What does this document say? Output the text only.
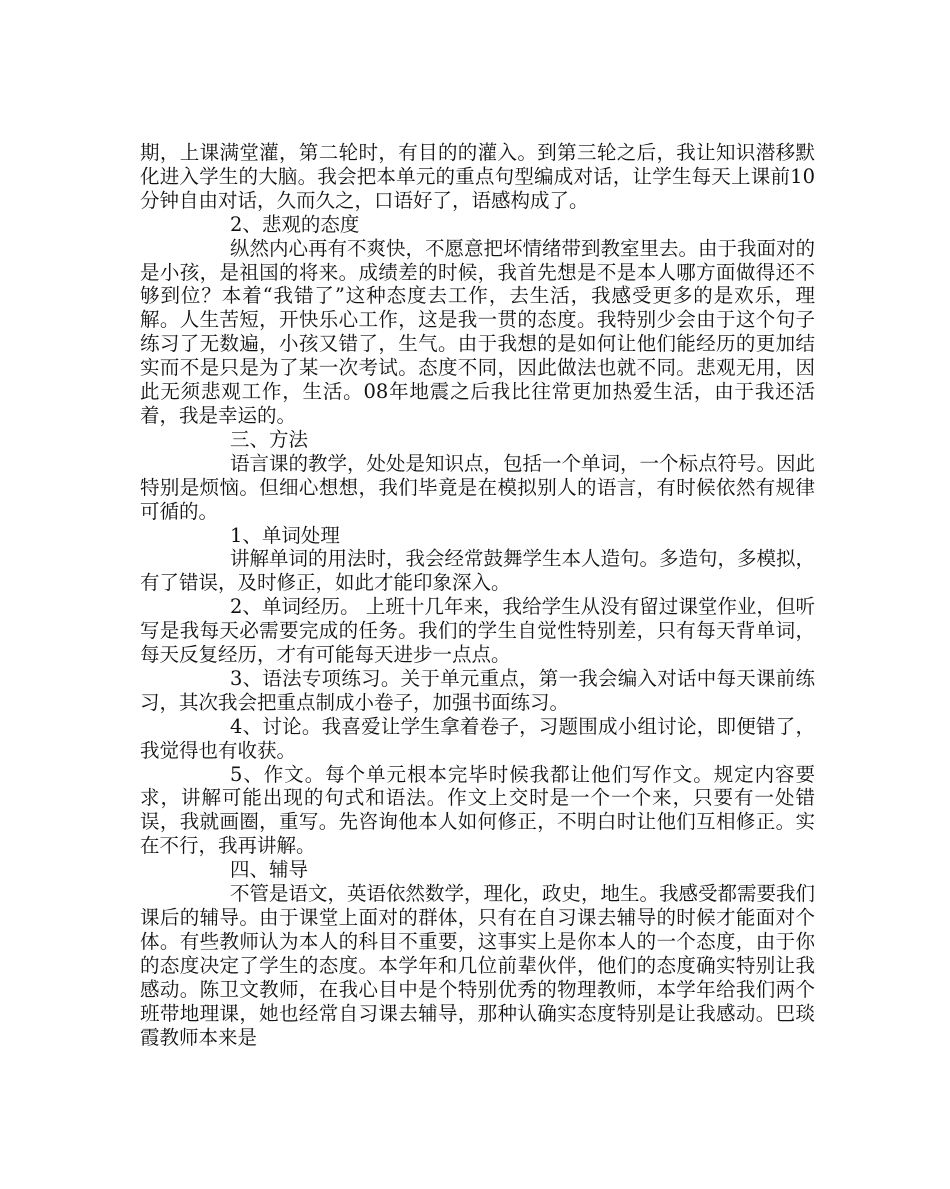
期，上课满堂灌，第二轮时，有目的的灌入。到第三轮之后，我让知识潜移默化进入学生的大脑。我会把本单元的重点句型编成对话，让学生每天上课前10分钟自由对话，久而久之，口语好了，语感构成了。

2、悲观的态度

纵然内心再有不爽快，不愿意把坏情绪带到教室里去。由于我面对的是小孩，是祖国的将来。成绩差的时候，我首先想是不是本人哪方面做得还不够到位？本着“我错了”这种态度去工作，去生活，我感受更多的是欢乐，理解。人生苦短，开快乐心工作，这是我一贯的态度。我特别少会由于这个句子练习了无数遍，小孩又错了，生气。由于我想的是如何让他们能经历的更加结实而不是只是为了某一次考试。态度不同，因此做法也就不同。悲观无用，因此无须悲观工作，生活。08年地震之后我比往常更加热爱生活，由于我还活着，我是幸运的。

三、方法

语言课的教学，处处是知识点，包括一个单词，一个标点符号。因此特别是烦恼。但细心想想，我们毕竟是在模拟别人的语言，有时候依然有规律可循的。

1、单词处理

讲解单词的用法时，我会经常鼓舞学生本人造句。多造句，多模拟，有了错误，及时修正，如此才能印象深入。

2、单词经历。 上班十几年来，我给学生从没有留过课堂作业，但听写是我每天必需要完成的任务。我们的学生自觉性特别差，只有每天背单词，每天反复经历，才有可能每天进步一点点。

3、语法专项练习。关于单元重点，第一我会编入对话中每天课前练习，其次我会把重点制成小卷子，加强书面练习。

4、讨论。我喜爱让学生拿着卷子，习题围成小组讨论，即便错了，我觉得也有收获。

5、作文。每个单元根本完毕时候我都让他们写作文。规定内容要求，讲解可能出现的句式和语法。作文上交时是一个一个来，只要有一处错误，我就画圈，重写。先咨询他本人如何修正，不明白时让他们互相修正。实在不行，我再讲解。

四、辅导

不管是语文，英语依然数学，理化，政史，地生。我感受都需要我们课后的辅导。由于课堂上面对的群体，只有在自习课去辅导的时候才能面对个体。有些教师认为本人的科目不重要，这事实上是你本人的一个态度，由于你的态度决定了学生的态度。本学年和几位前辈伙伴，他们的态度确实特别让我感动。陈卫文教师，在我心目中是个特别优秀的物理教师，本学年给我们两个班带地理课，她也经常自习课去辅导，那种认确实态度特别是让我感动。巴琰霞教师本来是
